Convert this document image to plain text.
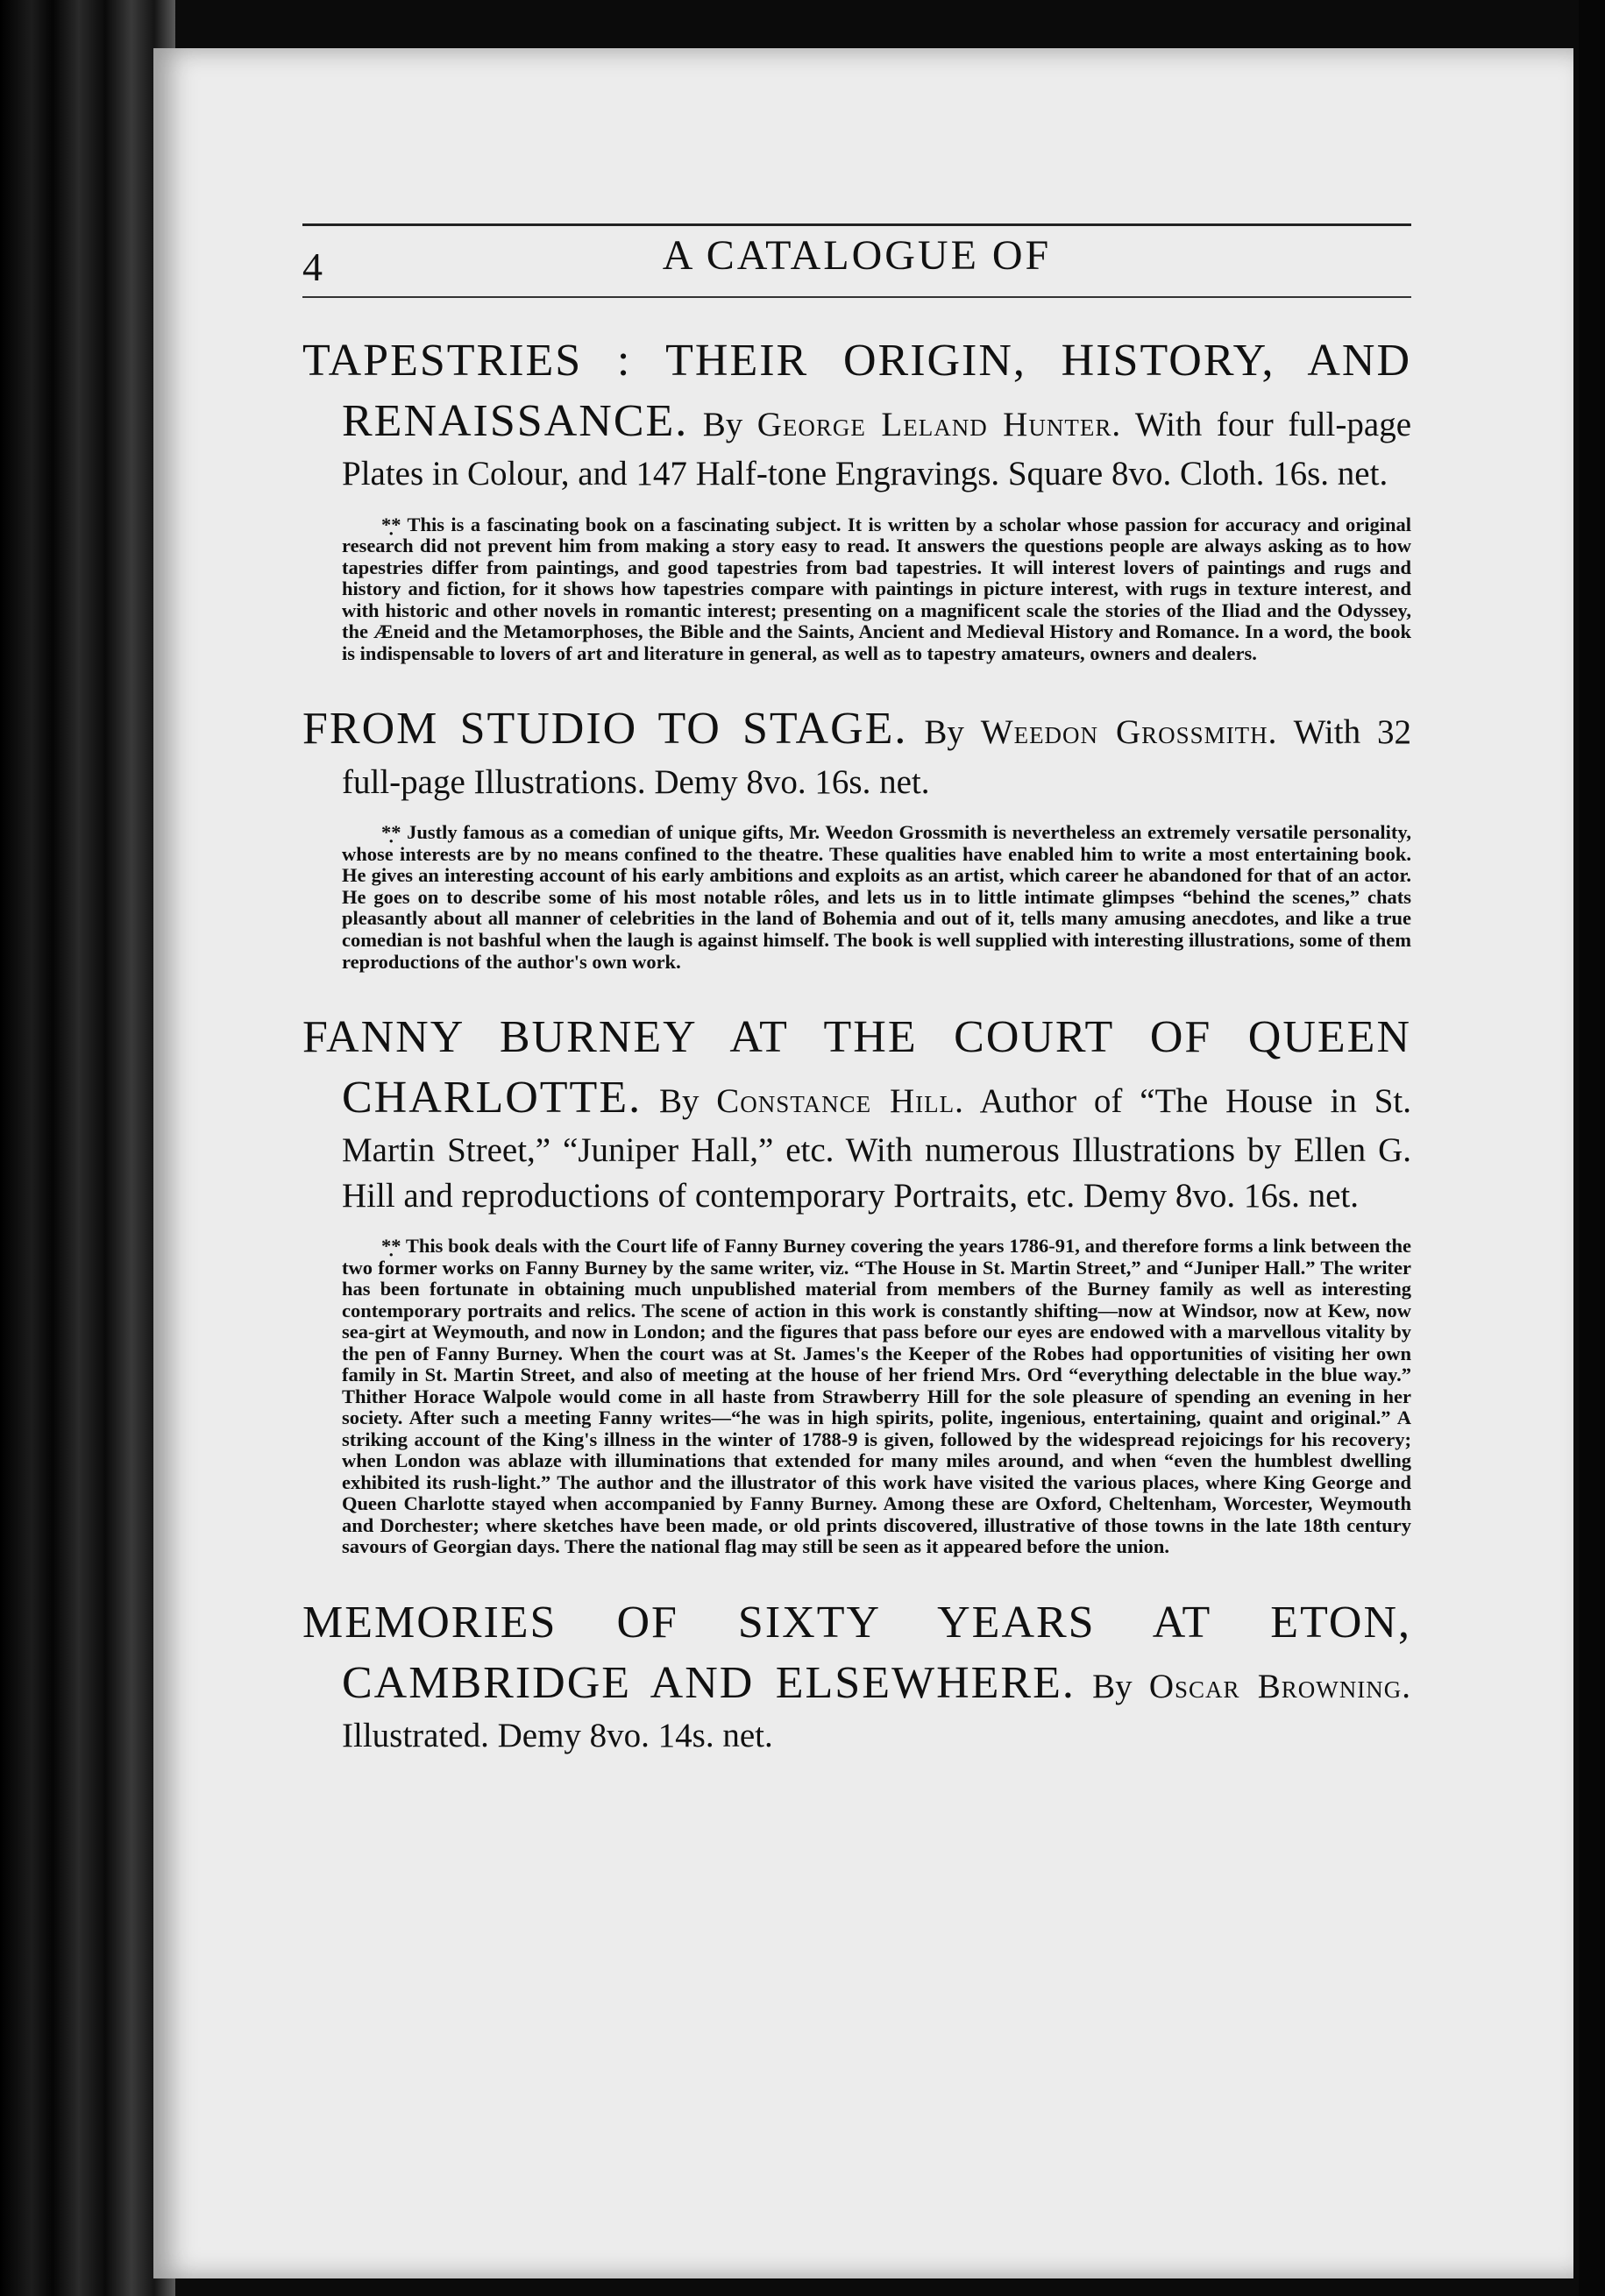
4	A CATALOGUE OF
TAPESTRIES : THEIR ORIGIN, HISTORY, AND RENAISSANCE. By George Leland Hunter. With four full-page Plates in Colour, and 147 Half-tone Engravings. Square 8vo. Cloth. 16s. net.
*̣* This is a fascinating book on a fascinating subject. It is written by a scholar whose passion for accuracy and original research did not prevent him from making a story easy to read. It answers the questions people are always asking as to how tapestries differ from paintings, and good tapestries from bad tapestries. It will interest lovers of paintings and rugs and history and fiction, for it shows how tapestries compare with paintings in picture interest, with rugs in texture interest, and with historic and other novels in romantic interest; presenting on a magnificent scale the stories of the Iliad and the Odyssey, the Æneid and the Metamorphoses, the Bible and the Saints, Ancient and Medieval History and Romance. In a word, the book is indispensable to lovers of art and literature in general, as well as to tapestry amateurs, owners and dealers.
FROM STUDIO TO STAGE. By Weedon Grossmith. With 32 full-page Illustrations. Demy 8vo. 16s. net.
*̣* Justly famous as a comedian of unique gifts, Mr. Weedon Grossmith is nevertheless an extremely versatile personality, whose interests are by no means confined to the theatre. These qualities have enabled him to write a most entertaining book. He gives an interesting account of his early ambitions and exploits as an artist, which career he abandoned for that of an actor. He goes on to describe some of his most notable rôles, and lets us in to little intimate glimpses “behind the scenes,” chats pleasantly about all manner of celebrities in the land of Bohemia and out of it, tells many amusing anecdotes, and like a true comedian is not bashful when the laugh is against himself. The book is well supplied with interesting illustrations, some of them reproductions of the author's own work.
FANNY BURNEY AT THE COURT OF QUEEN CHARLOTTE. By Constance Hill. Author of “The House in St. Martin Street,” “Juniper Hall,” etc. With numerous Illustrations by Ellen G. Hill and reproductions of contemporary Portraits, etc. Demy 8vo. 16s. net.
*̣* This book deals with the Court life of Fanny Burney covering the years 1786-91, and therefore forms a link between the two former works on Fanny Burney by the same writer, viz. “The House in St. Martin Street,” and “Juniper Hall.” The writer has been fortunate in obtaining much unpublished material from members of the Burney family as well as interesting contemporary portraits and relics. The scene of action in this work is constantly shifting—now at Windsor, now at Kew, now sea-girt at Weymouth, and now in London; and the figures that pass before our eyes are endowed with a marvellous vitality by the pen of Fanny Burney. When the court was at St. James's the Keeper of the Robes had opportunities of visiting her own family in St. Martin Street, and also of meeting at the house of her friend Mrs. Ord “everything delectable in the blue way.” Thither Horace Walpole would come in all haste from Strawberry Hill for the sole pleasure of spending an evening in her society. After such a meeting Fanny writes—“he was in high spirits, polite, ingenious, entertaining, quaint and original.” A striking account of the King's illness in the winter of 1788-9 is given, followed by the widespread rejoicings for his recovery; when London was ablaze with illuminations that extended for many miles around, and when “even the humblest dwelling exhibited its rush-light.” The author and the illustrator of this work have visited the various places, where King George and Queen Charlotte stayed when accompanied by Fanny Burney. Among these are Oxford, Cheltenham, Worcester, Weymouth and Dorchester; where sketches have been made, or old prints discovered, illustrative of those towns in the late 18th century savours of Georgian days. There the national flag may still be seen as it appeared before the union.
MEMORIES OF SIXTY YEARS AT ETON, CAMBRIDGE AND ELSEWHERE. By Oscar Browning. Illustrated. Demy 8vo. 14s. net.
